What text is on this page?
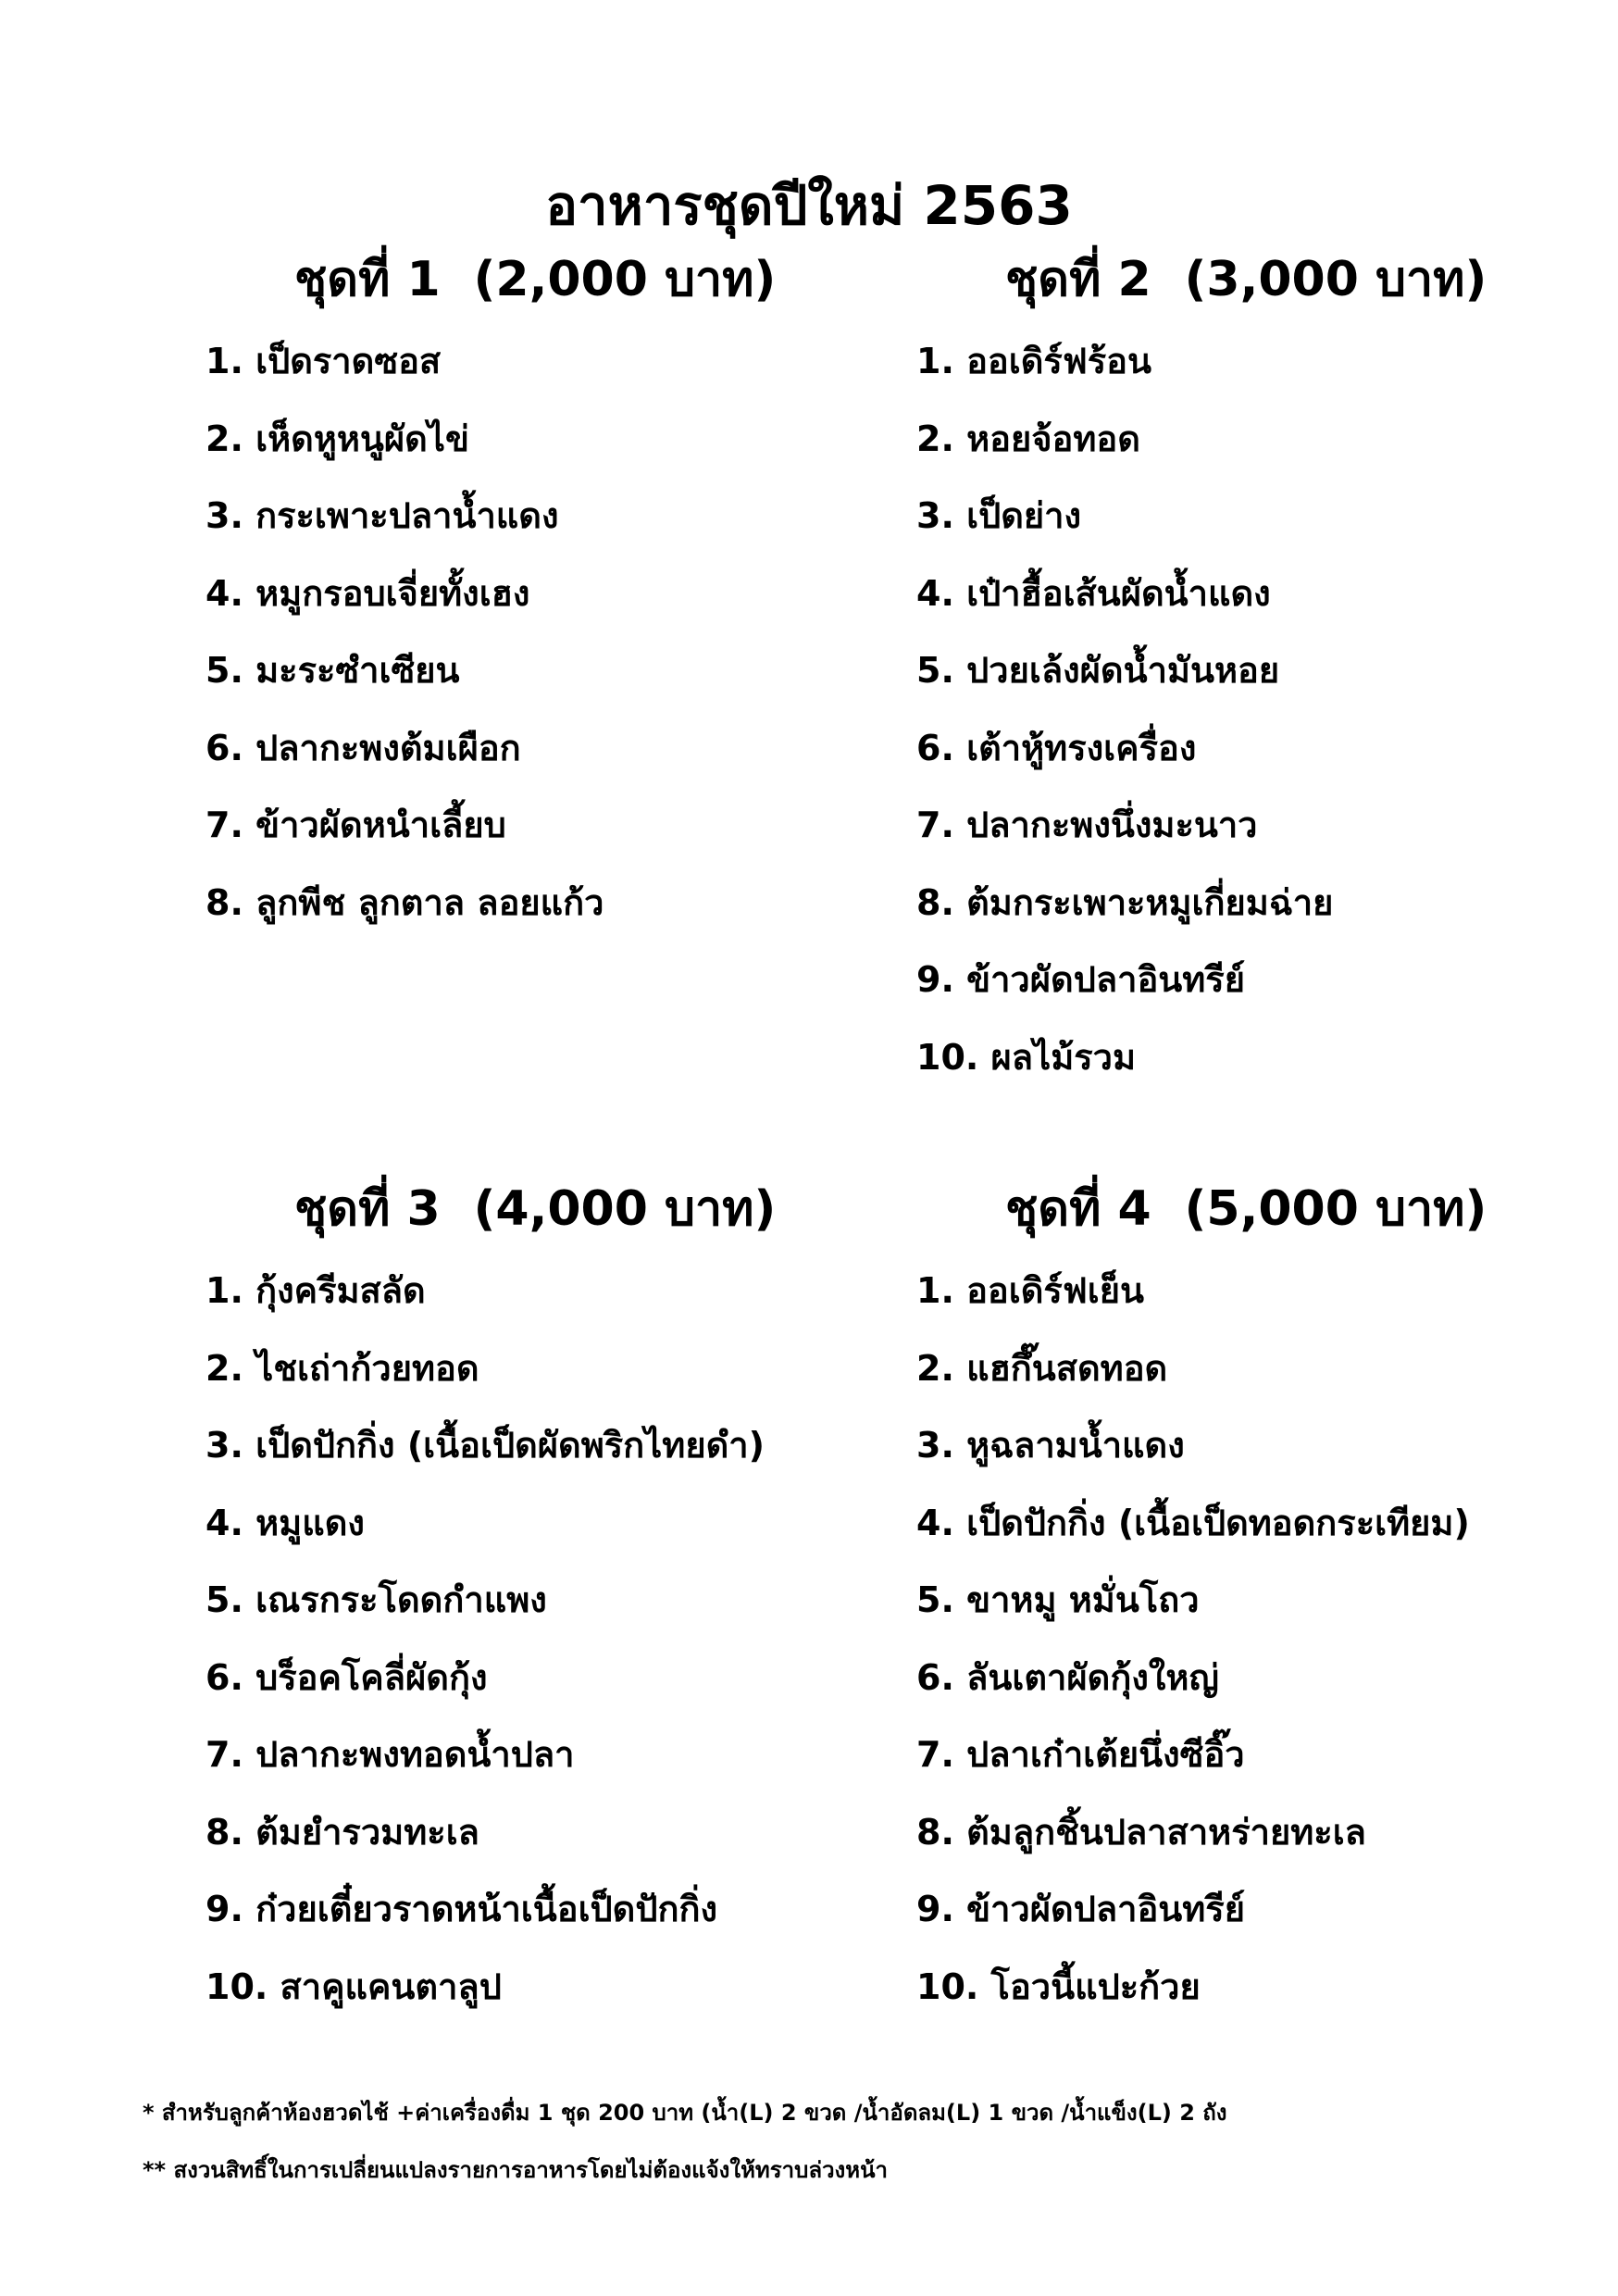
อาหารชุดปีใหม่ 2563
ชุดที่ 1 (2,000 บาท)
1. เป็ดราดซอส
2. เห็ดหูหนูผัดไข่
3. กระเพาะปลาน้ำแดง
4. หมูกรอบเจี่ยทั้งเฮง
5. มะระซำเซียน
6. ปลากะพงต้มเผือก
7. ข้าวผัดหนำเลี้ยบ
8. ลูกพีช ลูกตาล ลอยแก้ว
ชุดที่ 2 (3,000 บาท)
1. ออเดิร์ฟร้อน
2. หอยจ้อทอด
3. เป็ดย่าง
4. เป๋าฮื้อเส้นผัดน้ำแดง
5. ปวยเล้งผัดน้ำมันหอย
6. เต้าหู้ทรงเครื่อง
7. ปลากะพงนึ่งมะนาว
8. ต้มกระเพาะหมูเกี่ยมฉ่าย
9. ข้าวผัดปลาอินทรีย์
10. ผลไม้รวม
ชุดที่ 3 (4,000 บาท)
1. กุ้งครีมสลัด
2. ไชเถ่าก้วยทอด
3. เป็ดปักกิ่ง (เนื้อเป็ดผัดพริกไทยดำ)
4. หมูแดง
5. เณรกระโดดกำแพง
6. บร็อคโคลี่ผัดกุ้ง
7. ปลากะพงทอดน้ำปลา
8. ต้มยำรวมทะเล
9. ก๋วยเตี๋ยวราดหน้าเนื้อเป็ดปักกิ่ง
10. สาคูแคนตาลูป
ชุดที่ 4 (5,000 บาท)
1. ออเดิร์ฟเย็น
2. แฮกึ๊นสดทอด
3. หูฉลามน้ำแดง
4. เป็ดปักกิ่ง (เนื้อเป็ดทอดกระเทียม)
5. ขาหมู หมั่นโถว
6. ลันเตาผัดกุ้งใหญ่
7. ปลาเก๋าเต้ยนึ่งซีอิ๊ว
8. ต้มลูกชิ้นปลาสาหร่ายทะเล
9. ข้าวผัดปลาอินทรีย์
10. โอวนี้แปะก้วย
* สำหรับลูกค้าห้องฮวดไช้ +ค่าเครื่องดื่ม 1 ชุด 200 บาท (น้ำ(L) 2 ขวด /น้ำอัดลม(L) 1 ขวด /น้ำแข็ง(L) 2 ถัง
** สงวนสิทธิ์ในการเปลี่ยนแปลงรายการอาหารโดยไม่ต้องแจ้งให้ทราบล่วงหน้า
